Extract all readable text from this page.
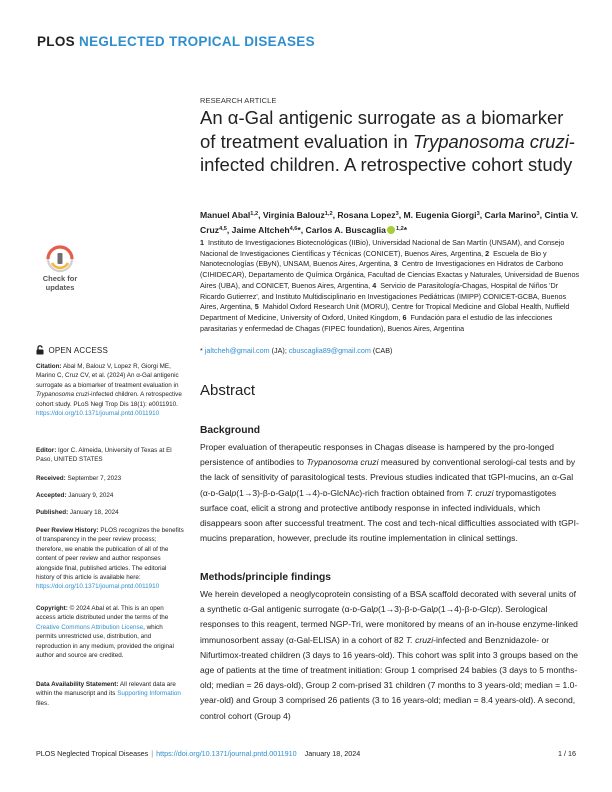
PLOS NEGLECTED TROPICAL DISEASES
RESEARCH ARTICLE
An α-Gal antigenic surrogate as a biomarker of treatment evaluation in Trypanosoma cruzi-infected children. A retrospective cohort study
Manuel Abal$^{1,2}$, Virginia Balouz$^{1,2}$, Rosana Lopez$^3$, M. Eugenia Giorgi$^3$, Carla Marino$^3$, Cintia V. Cruz$^{4,5}$, Jaime Altcheh$^{4,6}$*, Carlos A. Buscaglia $^{1,2}$*
1 Instituto de Investigaciones Biotecnológicas (IIBio), Universidad Nacional de San Martín (UNSAM), and Consejo Nacional de Investigaciones Científicas y Técnicas (CONICET), Buenos Aires, Argentina, 2 Escuela de Bio y Nanotecnologías (EByN), UNSAM, Buenos Aires, Argentina, 3 Centro de Investigaciones en Hidratos de Carbono (CIHIDECAR), Departamento de Química Orgánica, Facultad de Ciencias Exactas y Naturales, Universidad de Buenos Aires (UBA), and CONICET, Buenos Aires, Argentina, 4 Servicio de Parasitología-Chagas, Hospital de Niños 'Dr Ricardo Gutierrez', and Instituto Multidisciplinario en Investigaciones Pediátricas (IMIPP) CONICET-GCBA, Buenos Aires, Argentina, 5 Mahidol Oxford Research Unit (MORU), Centre for Tropical Medicine and Global Health, Nuffield Department of Medicine, University of Oxford, United Kingdom, 6 Fundación para el estudio de las infecciones parasitarias y enfermedad de Chagas (FIPEC foundation), Buenos Aires, Argentina
* jaltcheh@gmail.com (JA); cbuscaglia89@gmail.com (CAB)
Abstract
Background

Proper evaluation of therapeutic responses in Chagas disease is hampered by the pro-longed persistence of antibodies to Trypanosoma cruzi measured by conventional serologi-cal tests and by the lack of sensitivity of parasitological tests. Previous studies indicated that tGPI-mucins, an α-Gal (α-ᴅ-Galp(1→3)-β-ᴅ-Galp(1→4)-ᴅ-GlcNAc)-rich fraction obtained from T. cruzi trypomastigotes surface coat, elicit a strong and protective antibody response in infected individuals, which disappears soon after successful treatment. The cost and tech-nical difficulties associated with tGPI-mucins preparation, however, preclude its routine implementation in clinical settings.

Methods/principle findings

We herein developed a neoglycoprotein consisting of a BSA scaffold decorated with several units of a synthetic α-Gal antigenic surrogate (α-ᴅ-Galp(1→3)-β-ᴅ-Galp(1→4)-β-ᴅ-Glcp). Serological responses to this reagent, termed NGP-Tri, were monitored by means of an in-house enzyme-linked immunosorbent assay (α-Gal-ELISA) in a cohort of 82 T. cruzi-infected and Benznidazole- or Nifurtimox-treated children (3 days to 16 years-old). This cohort was split into 3 groups based on the age of patients at the time of treatment initiation: Group 1 comprised 24 babies (3 days to 5 months-old; median = 26 days-old), Group 2 com-prised 31 children (7 months to 3 years-old; median = 1.0-year-old) and Group 3 comprised 26 patients (3 to 16 years-old; median = 8.4 years-old). A second, control cohort (Group 4)

Check for updates
OPEN ACCESS
Citation: Abal M, Balouz V, Lopez R, Giorgi ME, Marino C, Cruz CV, et al. (2024) An α-Gal antigenic surrogate as a biomarker of treatment evaluation in Trypanosoma cruzi-infected children. A retrospective cohort study. PLoS Negl Trop Dis 18(1): e0011910. https://doi.org/10.1371/journal.pntd.0011910
Editor: Igor C. Almeida, University of Texas at El Paso, UNITED STATES
Received: September 7, 2023
Accepted: January 9, 2024
Published: January 18, 2024
Peer Review History: PLOS recognizes the benefits of transparency in the peer review process; therefore, we enable the publication of all of the content of peer review and author responses alongside final, published articles. The editorial history of this article is available here: https://doi.org/10.1371/journal.pntd.0011910
Copyright: © 2024 Abal et al. This is an open access article distributed under the terms of the Creative Commons Attribution License, which permits unrestricted use, distribution, and reproduction in any medium, provided the original author and source are credited.
Data Availability Statement: All relevant data are within the manuscript and its Supporting Information files.
PLOS Neglected Tropical Diseases | https://doi.org/10.1371/journal.pntd.0011910 January 18, 2024	1 / 16
